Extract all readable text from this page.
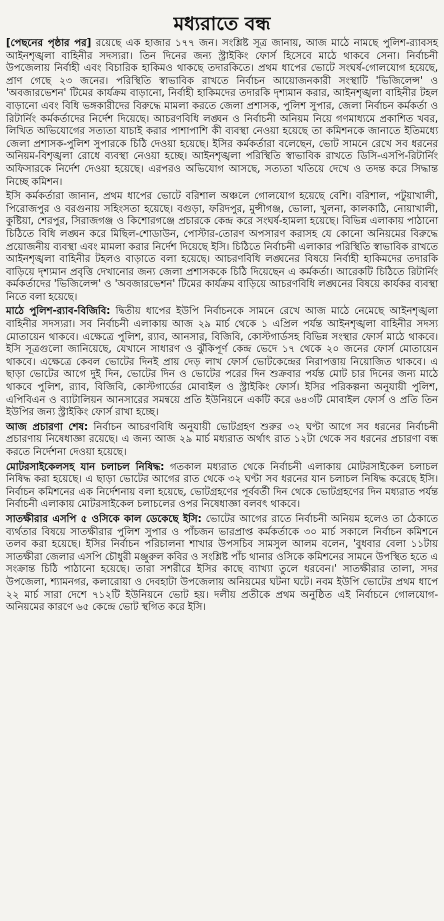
মধ্যরাতে বন্ধ

[পেছনের পৃষ্ঠার পর] রয়েছে এক হাজার ১৭৭ জন। সংশ্লিষ্ট সূত্র জানায়, আজ মাঠে নামছে পুলিশ-র‌্যাবসহ আইনশৃঙ্খলা বাহিনীর সদস্যরা। তিন দিনের জন্য স্ট্রাইকিং ফোর্স হিসেবে মাঠে থাকবে সেনা। নির্বাচনী উপজেলায় নির্বাহী এবং বিচারিক হাকিমও থাকছে তদারকিতে। প্রথম ধাপের ভোটে সংঘর্ষ-গোলযোগ হয়েছে, প্রাণ গেছে ২৩ জনের। পরিস্থিতি স্বাভাবিক রাখতে নির্বাচন আয়োজনকারী সংস্থাটি 'ভিজিলেন্স' ও 'অবজারভেশন' টিমের কার্যক্রম বাড়ানো, নির্বাহী হাকিমদের তদারকি দৃশ্যমান করার, আইনশৃঙ্খলা বাহিনীর টহল বাড়ানো এবং বিধি ভঙ্গকারীদের বিরুদ্ধে মামলা করতে জেলা প্রশাসক, পুলিশ সুপার, জেলা নির্বাচন কর্মকর্তা ও রিটার্নিং কর্মকর্তাদের নির্দেশ দিয়েছে। আচরণবিধি লঙ্ঘন ও নির্বাচনী অনিয়ম নিয়ে গণমাধ্যমে প্রকাশিত খবর, লিখিত অভিযোগের সত্যতা যাচাই করার পাশাপাশি কী ব্যবস্থা নেওয়া হয়েছে তা কমিশনকে জানাতে ইতিমধ্যে জেলা প্রশাসক-পুলিশ সুপারকে চিঠি দেওয়া হয়েছে। ইসির কর্মকর্তারা বলেছেন, ভোট সামনে রেখে সব ধরনের অনিয়ম-বিশৃঙ্খলা রোধে ব্যবস্থা নেওয়া হচ্ছে। আইনশৃঙ্খলা পরিস্থিতি স্বাভাবিক রাখতে ডিসি-এসপি-রিটার্নিং অফিসারকে নির্দেশ দেওয়া হয়েছে। এরপরও অভিযোগ আসছে, সত্যতা খতিয়ে দেখে ও তদন্ত করে সিদ্ধান্ত নিচ্ছে কমিশন।

ইসি কর্মকর্তারা জানান, প্রথম ধাপের ভোটে বরিশাল অঞ্চলে গোলযোগ হয়েছে বেশি। বরিশাল, পটুয়াখালী, পিরোজপুর ও বরগুনায় সহিংসতা হয়েছে। বগুড়া, ফরিদপুর, মুন্সীগঞ্জ, ভোলা, খুলনা, কালকাঠি, নোয়াখালী, কুষ্টিয়া, শেরপুর, সিরাজগঞ্জ ও কিশোরগঞ্জে প্রচারকে কেন্দ্র করে সংঘর্ষ-হামলা হয়েছে। বিভিন্ন এলাকায় পাঠানো চিঠিতে বিধি লঙ্ঘন করে মিছিল-শোডাউন, পোস্টার-তোরণ অপসারণ করাসহ যে কোনো অনিয়মের বিরুদ্ধে প্রয়োজনীয় ব্যবস্থা এবং মামলা করার নির্দেশ দিয়েছে ইসি। চিঠিতে নির্বাচনী এলাকার পরিস্থিতি স্বাভাবিক রাখতে আইনশৃঙ্খলা বাহিনীর টহলও বাড়াতে বলা হয়েছে। আচরণবিধি লঙ্ঘনের বিষয়ে নির্বাহী হাকিমদের তদারকি বাড়িয়ে দৃশ্যমান প্রবৃত্তি দেখানোর জন্য জেলা প্রশাসককে চিঠি দিয়েছেন এ কর্মকর্তা। আরেকটি চিঠিতে রিটার্নিং কর্মকর্তাদের 'ভিজিলেন্স' ও 'অবজারভেশন' টিমের কার্যক্রম বাড়িয়ে আচরণবিধি লঙ্ঘনের বিষয়ে কার্যকর ব্যবস্থা নিতে বলা হয়েছে।

মাঠে পুলিশ-র‌্যাব-বিজিবি: দ্বিতীয় ধাপের ইউপি নির্বাচনকে সামনে রেখে আজ মাঠে নেমেছে আইনশৃঙ্খলা বাহিনীর সদস্যরা। সব নির্বাচনী এলাকায় আজ ২৯ মার্চ থেকে ১ এপ্রিল পর্যন্ত আইনশৃঙ্খলা বাহিনীর সদস্য মোতায়েন থাকবে। এক্ষেত্রে পুলিশ, র‌্যাব, আনসার, বিজিবি, কোস্টগার্ডসহ বিভিন্ন সংস্থার ফোর্স মাঠে থাকবে। ইসি সূত্রগুলো জানিয়েছে, যেখানে সাধারণ ও ঝুঁকিপূর্ণ কেন্দ্র ভেদে ১৭ থেকে ২০ জনের ফোর্স মোতায়েন থাকবে। এক্ষেত্রে কেবল ভোটের দিনই প্রায় দেড় লাখ ফোর্স ভোটকেন্দ্রের নিরাপত্তায় নিয়োজিত থাকবে। এ ছাড়া ভোটের আগে দুই দিন, ভোটের দিন ও ভোটের পরের দিন শুক্রবার পর্যন্ত মোট চার দিনের জন্য মাঠে থাকবে পুলিশ, র‌্যাব, বিজিবি, কোস্টগার্ডের মোবাইল ও স্ট্রাইকিং ফোর্স। ইসির পরিকল্পনা অনুযায়ী পুলিশ, এপিবিএন ও ব্যাটালিয়ন আনসারের সমন্বয়ে প্রতি ইউনিয়নে একটি করে ৬৪৩টি মোবাইল ফোর্স ও প্রতি তিন ইউপির জন্য স্ট্রাইকিং ফোর্স রাখা হচ্ছে।

আজ প্রচারণা শেষ: নির্বাচন আচরণবিধি অনুযায়ী ভোটগ্রহণ শুরুর ৩২ ঘণ্টা আগে সব ধরনের নির্বাচনী প্রচারণায় নিষেধাজ্ঞা রয়েছে। এ জন্য আজ ২৯ মার্চ মধ্যরাত অর্থাৎ রাত ১২টা থেকে সব ধরনের প্রচারণা বন্ধ করতে নির্দেশনা দেওয়া হয়েছে।

মোটরসাইকেলসহ যান চলাচল নিষিদ্ধ: গতকাল মধ্যরাত থেকে নির্বাচনী এলাকায় মোটরসাইকেল চলাচল নিষিদ্ধ করা হয়েছে। এ ছাড়া ভোটের আগের রাত থেকে ৩২ ঘণ্টা সব ধরনের যান চলাচল নিষিদ্ধ করেছে ইসি। নির্বাচন কমিশনের এক নির্দেশনায় বলা হয়েছে, ভোটগ্রহণের পূর্ববর্তী দিন থেকে ভোটগ্রহণের দিন মধ্যরাত পর্যন্ত নির্বাচনী এলাকায় মোটরসাইকেল চলাচলের ওপর নিষেধাজ্ঞা বলবৎ থাকবে।

সাতক্ষীরার এসপি ৫ ওসিকে কাল ডেকেছে ইসি: ভোটের আগের রাতে নির্বাচনী অনিয়ম হলেও তা ঠেকাতে ব্যর্থতার বিষয়ে সাতক্ষীরার পুলিশ সুপার ও পাঁচজন ভারপ্রাপ্ত কর্মকর্তাকে ৩০ মার্চ সকালে নির্বাচন কমিশনে তলব করা হয়েছে। ইসির নির্বাচন পরিচালনা শাখার উপসচিব সামসুল আলম বলেন, 'বুধবার বেলা ১১টায় সাতক্ষীরা জেলার এসপি চৌধুরী মঞ্জুরুল কবির ও সংশ্লিষ্ট পাঁচ থানার ওসিকে কমিশনের সামনে উপস্থিত হতে এ সংক্রান্ত চিঠি পাঠানো হয়েছে। তারা সশরীরে ইসির কাছে ব্যাখ্যা তুলে ধরবেন।' সাতক্ষীরার তালা, সদর উপজেলা, শ্যামনগর, কলারোয়া ও দেবহাটা উপজেলায় অনিয়মের ঘটনা ঘটে। নবম ইউপি ভোটের প্রথম ধাপে ২২ মার্চ সারা দেশে ৭১২টি ইউনিয়নে ভোট হয়। দলীয় প্রতীকে প্রথম অনুষ্ঠিত এই নির্বাচনে গোলযোগ-অনিয়মের কারণে ৬৫ কেন্দ্রে ভোট স্থগিত করে ইসি।
